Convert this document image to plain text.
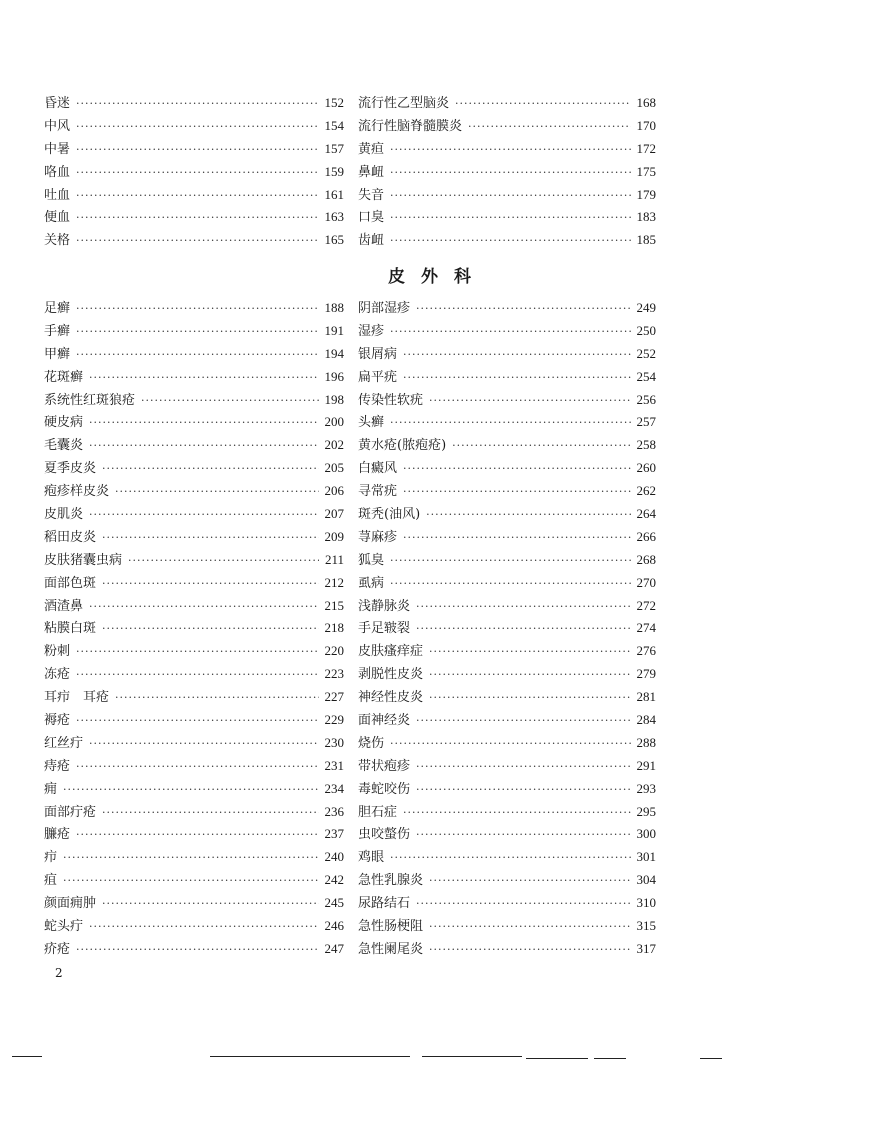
昏迷 ·····	152
中风 ·····	154
中暑 ·····	157
咯血 ·····	159
吐血 ·····	161
便血 ·····	163
关格 ·····	165
流行性乙型脑炎 ·····	168
流行性脑脊髓膜炎 ·····	170
黄疸 ·····	172
鼻衄 ·····	175
失音 ·····	179
口臭 ·····	183
齿衄 ·····	185
皮外科
足癣 ·····	188
手癣 ·····	191
甲癣 ·····	194
花斑癣 ·····	196
系统性红斑狼疮 ·····	198
硬皮病 ·····	200
毛囊炎 ·····	202
夏季皮炎 ·····	205
疱疹样皮炎 ·····	206
皮肌炎 ·····	207
稻田皮炎 ·····	209
皮肤猪囊虫病 ·····	211
面部色斑 ·····	212
酒渣鼻 ·····	215
粘膜白斑 ·····	218
粉刺 ·····	220
冻疮 ·····	223
耳疖　耳疮 ·····	227
褥疮 ·····	229
红丝疔 ·····	230
痔疮 ·····	231
痈 ·····	234
面部疔疮 ·····	236
臁疮 ·····	237
疖 ·····	240
疽 ·····	242
颜面痈肿 ·····	245
蛇头疔 ·····	246
疥疮 ·····	247
阴部湿疹 ·····	249
湿疹 ·····	250
银屑病 ·····	252
扁平疣 ·····	254
传染性软疣 ·····	256
头癣 ·····	257
黄水疮(脓疱疮) ·····	258
白癜风 ·····	260
寻常疣 ·····	262
斑秃(油风) ·····	264
荨麻疹 ·····	266
狐臭 ·····	268
虱病 ·····	270
浅静脉炎 ·····	272
手足皲裂 ·····	274
皮肤瘙痒症 ·····	276
剥脱性皮炎 ·····	279
神经性皮炎 ·····	281
面神经炎 ·····	284
烧伤 ·····	288
带状疱疹 ·····	291
毒蛇咬伤 ·····	293
胆石症 ·····	295
虫咬螫伤 ·····	300
鸡眼 ·····	301
急性乳腺炎 ·····	304
尿路结石 ·····	310
急性肠梗阻 ·····	315
急性阑尾炎 ·····	317
2
